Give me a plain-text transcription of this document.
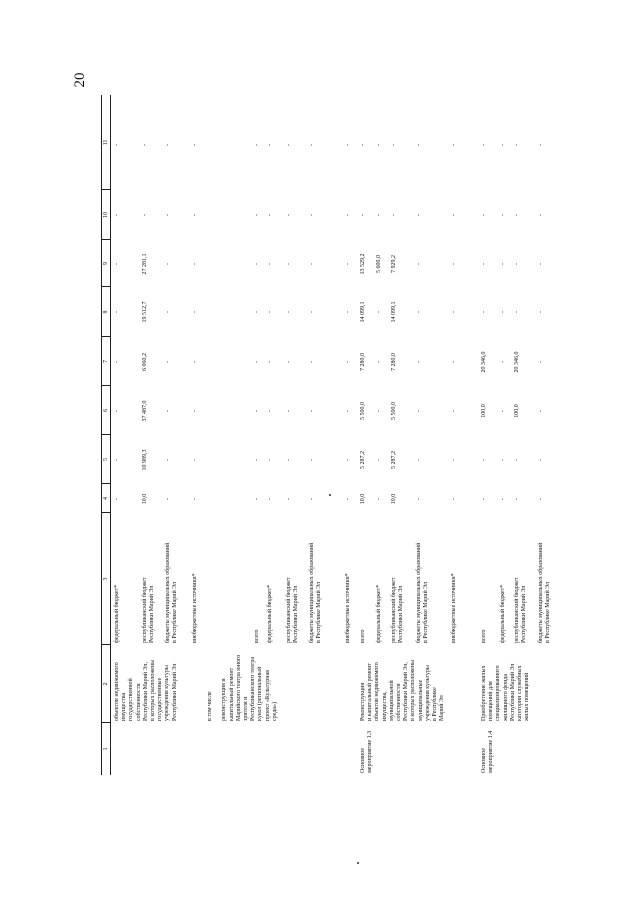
20
1
2
3
4
5
6
7
8
9
10
11
объектов недвижимого
имущества
государственной
собственности
Республики Марий Эл,
в которых расположены
государственные
учреждения культуры
Республики Марий Эл
федеральный бюджет*
-
-
-
-
-
-
-
-
республиканский бюджет
Республики Марий Эл
10,0
10 989,3
37 487,0
6 060,2
19 512,7
27 281,1
-
-
бюджеты муниципальных образований
в Республике Марий Эл
-
-
-
-
-
-
-
-
внебюджетные источники*
-
-
-
-
-
-
-
-
в том числе

реконструкция и
капитальный ремонт
Марийского театра юного
зрителя и
Республиканского театра
кукол (региональный
проект «Культурная
среда»)
всего
-
-
-
-
-
-
-
-
федеральный бюджет*
-
-
-
-
-
-
-
-
республиканский бюджет
Республики Марий Эл
-
-
-
-
-
-
-
-
бюджеты муниципальных образований
в Республике Марий Эл
-
-
-
-
-
-
-
-
внебюджетные источники*
-
-
-
-
-
-
-
-
Основное
мероприятие 1.3
Реконструкция
и капитальный ремонт
объектов недвижимого
имущества,
муниципальной
собственности
Республики Марий Эл,
в которых расположены
муниципальные
учреждения культуры
в Республике
Марий Эл
всего
10,0
5 287,2
5 500,0
7 280,0
14 099,1
13 529,2
-
-
федеральный бюджет*
-
-
-
-
-
5 600,0
-
-
республиканский бюджет
Республики Марий Эл
10,0
5 287,2
5 500,0
7 280,0
14 099,1
7 929,2
-
-
бюджеты муниципальных образований
в Республике Марий Эл
-
-
-
-
-
-
-
-
внебюджетные источники*
-
-
-
-
-
-
-
-
Основное
мероприятие 1.4
Приобретение жилых
помещений для
специализированного
жилищного фонда
Республики Марий Эл
категории служебных
жилых помещений
всего
-
-
100,0
20 346,0
-
-
-
-
федеральный бюджет*
-
-
-
-
-
-
-
-
республиканский бюджет
Республики Марий Эл
-
-
100,0
20 346,0
-
-
-
-
бюджеты муниципальных образований
в Республике Марий Эл
-
-
-
-
-
-
-
-
